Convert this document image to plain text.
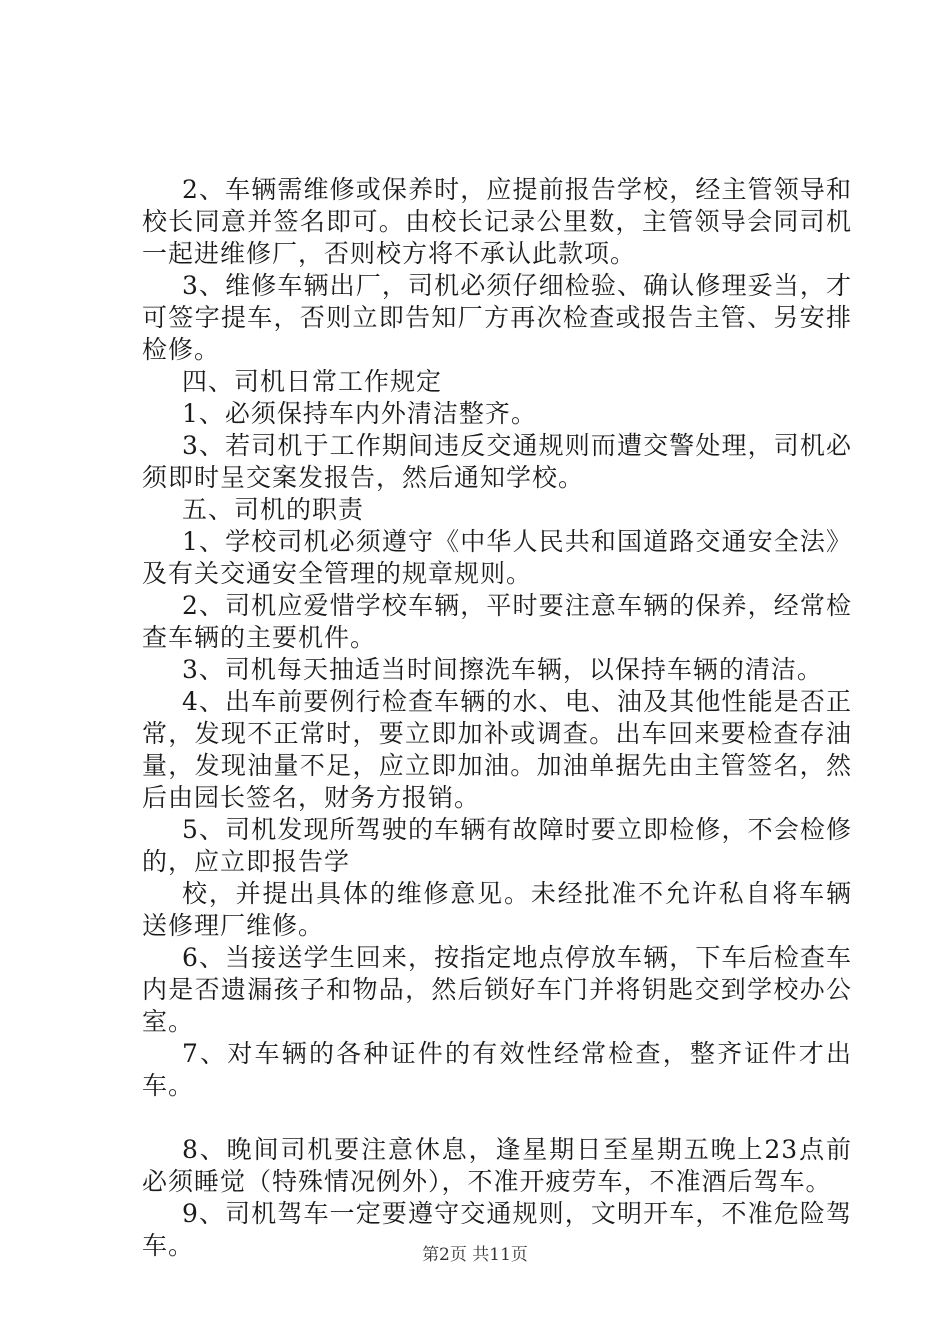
2、车辆需维修或保养时，应提前报告学校，经主管领导和校长同意并签名即可。由校长记录公里数，主管领导会同司机一起进维修厂，否则校方将不承认此款项。

3、维修车辆出厂，司机必须仔细检验、确认修理妥当，才可签字提车，否则立即告知厂方再次检查或报告主管、另安排检修。

四、司机日常工作规定

1、必须保持车内外清洁整齐。

3、若司机于工作期间违反交通规则而遭交警处理，司机必须即时呈交案发报告，然后通知学校。

五、司机的职责

1、学校司机必须遵守《中华人民共和国道路交通安全法》及有关交通安全管理的规章规则。

2、司机应爱惜学校车辆，平时要注意车辆的保养，经常检查车辆的主要机件。

3、司机每天抽适当时间擦洗车辆，以保持车辆的清洁。

4、出车前要例行检查车辆的水、电、油及其他性能是否正常，发现不正常时，要立即加补或调查。出车回来要检查存油量，发现油量不足，应立即加油。加油单据先由主管签名，然后由园长签名，财务方报销。

5、司机发现所驾驶的车辆有故障时要立即检修，不会检修的，应立即报告学

校，并提出具体的维修意见。未经批准不允许私自将车辆送修理厂维修。

6、当接送学生回来，按指定地点停放车辆，下车后检查车内是否遗漏孩子和物品，然后锁好车门并将钥匙交到学校办公室。

7、对车辆的各种证件的有效性经常检查，整齐证件才出车。

8、晚间司机要注意休息，逢星期日至星期五晚上23点前必须睡觉（特殊情况例外），不准开疲劳车，不准酒后驾车。

9、司机驾车一定要遵守交通规则，文明开车，不准危险驾车。	第2页 共11页
